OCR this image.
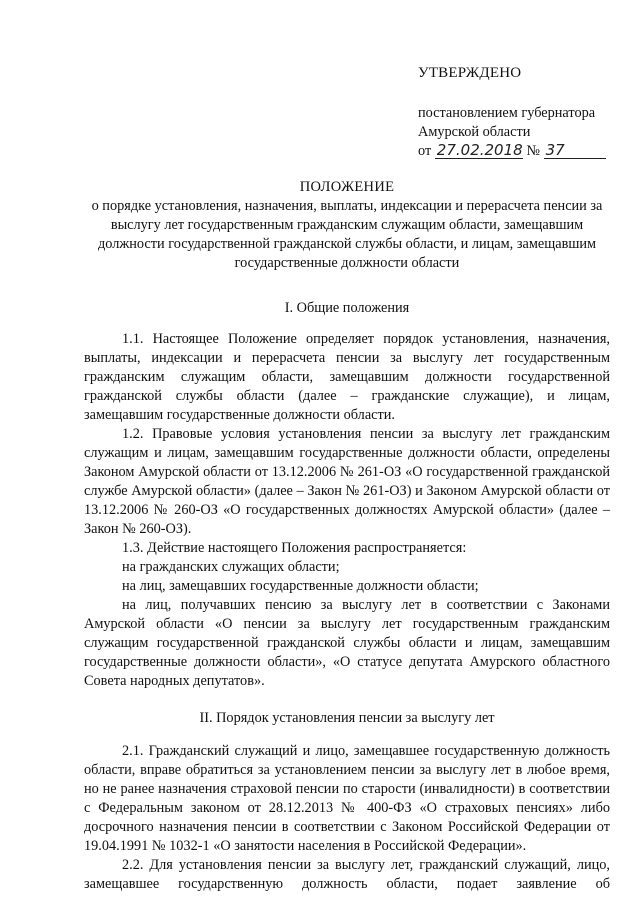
УТВЕРЖДЕНО
постановлением губернатора
Амурской области
от 27.02.2018 № 37
ПОЛОЖЕНИЕ
о порядке установления, назначения, выплаты, индексации и перерасчета пенсии за выслугу лет государственным гражданским служащим области, замещавшим должности государственной гражданской службы области, и лицам, замещавшим государственные должности области
I. Общие положения

1.1. Настоящее Положение определяет порядок установления, назначения, выплаты, индексации и перерасчета пенсии за выслугу лет государственным гражданским служащим области, замещавшим должности государственной гражданской службы области (далее – гражданские служащие), и лицам, замещавшим государственные должности области.

1.2. Правовые условия установления пенсии за выслугу лет гражданским служащим и лицам, замещавшим государственные должности области, определены Законом Амурской области от 13.12.2006 № 261-ОЗ «О государственной гражданской службе Амурской области» (далее – Закон № 261-ОЗ) и Законом Амурской области от 13.12.2006 № 260-ОЗ «О государственных должностях Амурской области» (далее – Закон № 260-ОЗ).

1.3. Действие настоящего Положения распространяется:

на гражданских служащих области;

на лиц, замещавших государственные должности области;

на лиц, получавших пенсию за выслугу лет в соответствии с Законами Амурской области «О пенсии за выслугу лет государственным гражданским служащим государственной гражданской службы области и лицам, замещавшим государственные должности области», «О статусе депутата Амурского областного Совета народных депутатов».

II. Порядок установления пенсии за выслугу лет

2.1. Гражданский служащий и лицо, замещавшее государственную должность области, вправе обратиться за установлением пенсии за выслугу лет в любое время, но не ранее назначения страховой пенсии по старости (инвалидности) в соответствии с Федеральным законом от 28.12.2013 № 400-ФЗ «О страховых пенсиях» либо досрочного назначения пенсии в соответствии с Законом Российской Федерации от 19.04.1991 № 1032-1 «О занятости населения в Российской Федерации».

2.2. Для установления пенсии за выслугу лет, гражданский служащий, лицо, замещавшее государственную должность области, подает заявление об
